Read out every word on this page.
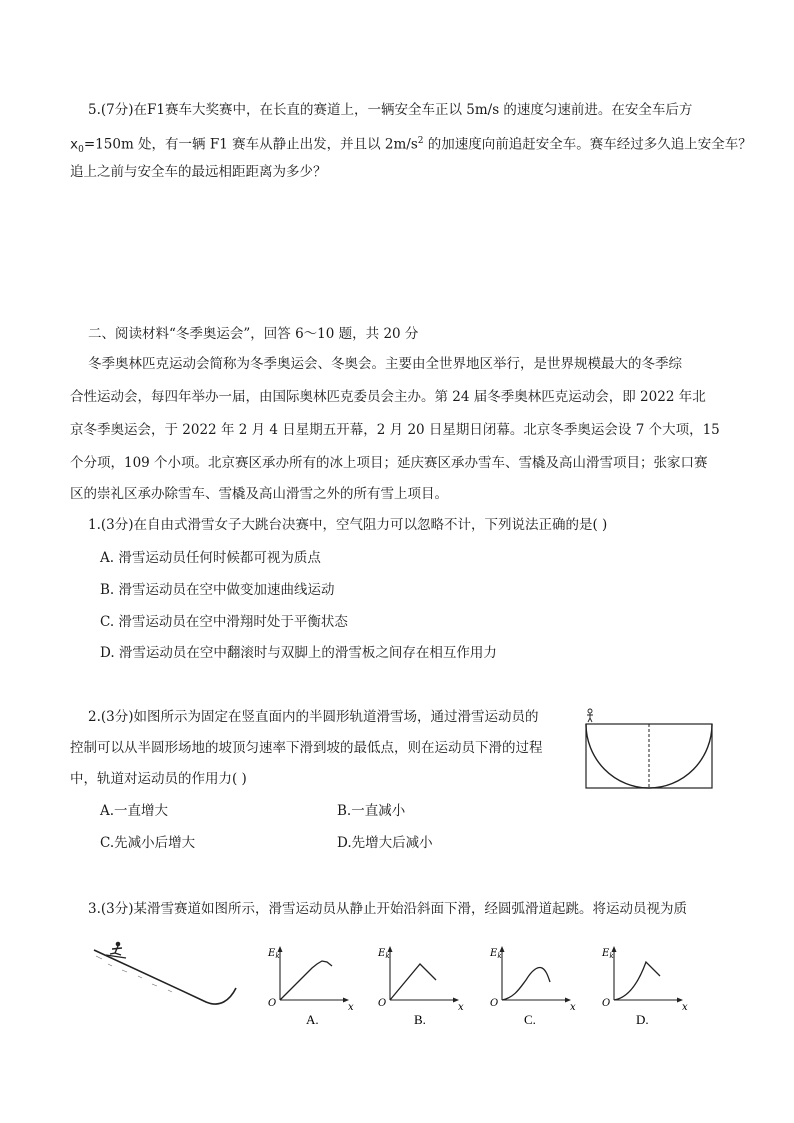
5.(7分)在F1赛车大奖赛中，在长直的赛道上，一辆安全车正以 5m/s 的速度匀速前进。在安全车后方

$x_0=150m$ 处，有一辆 F1 赛车从静止出发，并且以 $2m/s^2$ 的加速度向前追赶安全车。赛车经过多久追上安全车？

追上之前与安全车的最远相距距离为多少？

二、阅读材料“冬季奥运会”，回答 6～10 题，共 20 分

冬季奥林匹克运动会简称为冬季奥运会、冬奥会。主要由全世界地区举行，是世界规模最大的冬季综

合性运动会，每四年举办一届，由国际奥林匹克委员会主办。第 24 届冬季奥林匹克运动会，即 2022 年北

京冬季奥运会，于 2022 年 2 月 4 日星期五开幕，2 月 20 日星期日闭幕。北京冬季奥运会设 7 个大项，15

个分项，109 个小项。北京赛区承办所有的冰上项目；延庆赛区承办雪车、雪橇及高山滑雪项目；张家口赛

区的崇礼区承办除雪车、雪橇及高山滑雪之外的所有雪上项目。

1.(3分)在自由式滑雪女子大跳台决赛中，空气阻力可以忽略不计，下列说法正确的是( )

A. 滑雪运动员任何时候都可视为质点

B. 滑雪运动员在空中做变加速曲线运动

C. 滑雪运动员在空中滑翔时处于平衡状态

D. 滑雪运动员在空中翻滚时与双脚上的滑雪板之间存在相互作用力

2.(3分)如图所示为固定在竖直面内的半圆形轨道滑雪场，通过滑雪运动员的

控制可以从半圆形场地的坡顶匀速率下滑到坡的最低点，则在运动员下滑的过程

中，轨道对运动员的作用力( )

A.一直增大	B.一直减小

C.先减小后增大	D.先增大后减小

3.(3分)某滑雪赛道如图所示，滑雪运动员从静止开始沿斜面下滑，经圆弧滑道起跳。将运动员视为质

$E_k$
O	x
A.
$E_k$
O	x
B.
$E_k$
O	x
C.
$E_k$
O	x
D.
